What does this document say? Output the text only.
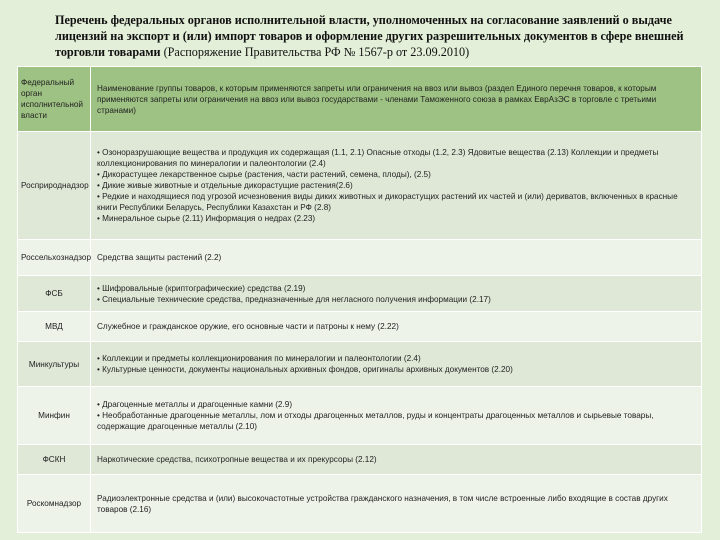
Перечень федеральных органов исполнительной власти, уполномоченных на согласование заявлений о выдаче лицензий на экспорт и (или) импорт товаров и оформление других разрешительных документов в сфере внешней торговли товарами (Распоряжение Правительства РФ № 1567-р от 23.09.2010)
Федеральный орган исполнительной власти	Наименование группы товаров, к которым применяются запреты или ограничения на ввоз или вывоз (раздел Единого перечня товаров, к которым применяются запреты или ограничения на ввоз или вывоз государствами - членами Таможенного союза в рамках ЕврАзЭС в торговле с третьими странами)
Росприроднадзор	• Озоноразрушающие вещества и продукция их содержащая (1.1, 2.1) Опасные отходы (1.2, 2.3) Ядовитые вещества (2.13) Коллекции и предметы коллекционирования по минералогии и палеонтологии (2.4)
• Дикорастущее лекарственное сырье (растения, части растений, семена, плоды), (2.5)
• Дикие живые животные и отдельные дикорастущие растения(2.6)
• Редкие и находящиеся под угрозой исчезновения виды диких животных и дикорастущих растений их частей и (или) дериватов, включенных в красные книги Республики Беларусь, Республики Казахстан и РФ (2.8)
• Минеральное сырье (2.11) Информация о недрах (2.23)

Россельхознадзор	Средства защиты растений (2.2)

ФСБ	• Шифровальные (криптографические) средства (2.19)
• Специальные технические средства, предназначенные для негласного получения информации (2.17)

МВД	Служебное и гражданское оружие, его основные части и патроны к нему (2.22)

Минкультуры	• Коллекции и предметы коллекционирования по минералогии и палеонтологии (2.4)
• Культурные ценности, документы национальных архивных фондов, оригиналы архивных документов (2.20)

Минфин	• Драгоценные металлы и драгоценные камни (2.9)
• Необработанные драгоценные металлы, лом и отходы драгоценных металлов, руды и концентраты драгоценных металлов и сырьевые товары, содержащие драгоценные металлы (2.10)

ФСКН	Наркотические средства, психотропные вещества и их прекурсоры (2.12)

Роскомнадзор	Радиоэлектронные средства и (или) высокочастотные устройства гражданского назначения, в том числе встроенные либо входящие в состав других товаров (2.16)
